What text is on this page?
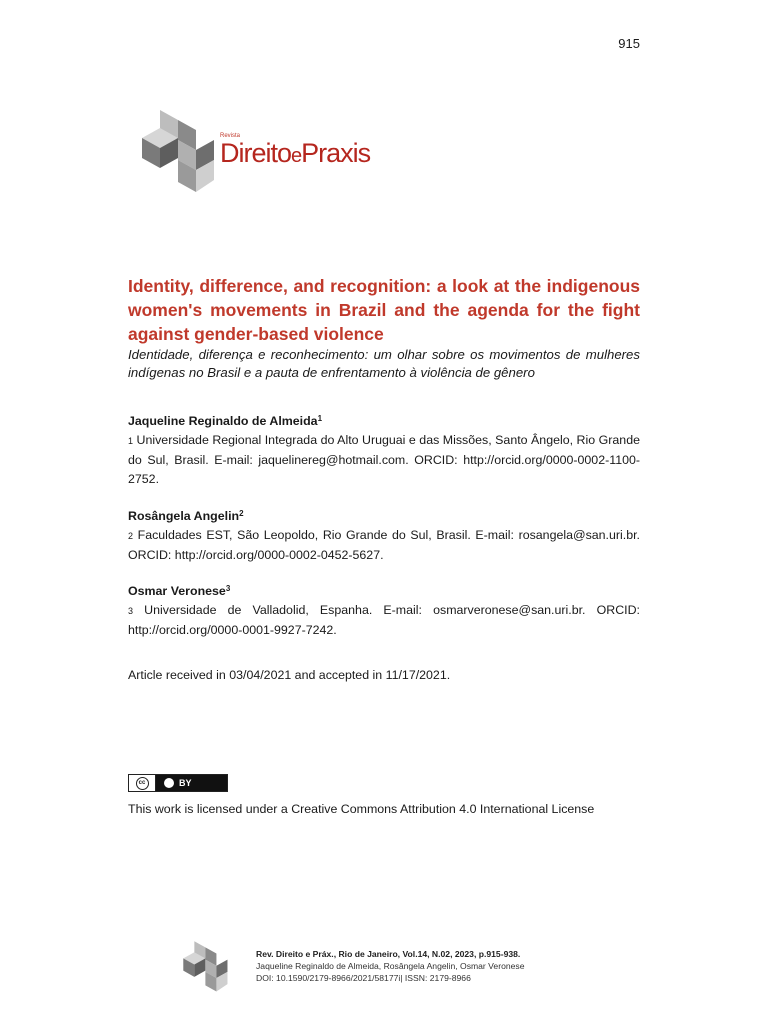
915
Revista
DireitoePraxis
Identity, difference, and recognition: a look at the indigenous women's movements in Brazil and the agenda for the fight against gender-based violence

Identidade, diferença e reconhecimento: um olhar sobre os movimentos de mulheres indígenas no Brasil e a pauta de enfrentamento à violência de gênero

Jaqueline Reginaldo de Almeida$^1$

1 Universidade Regional Integrada do Alto Uruguai e das Missões, Santo Ângelo, Rio Grande do Sul, Brasil. E-mail: jaquelinereg@hotmail.com. ORCID: http://orcid.org/0000-0002-1100-2752.

Rosângela Angelin$^2$

2 Faculdades EST, São Leopoldo, Rio Grande do Sul, Brasil. E-mail: rosangela@san.uri.br. ORCID: http://orcid.org/0000-0002-0452-5627.

Osmar Veronese$^3$

3 Universidade de Valladolid, Espanha. E-mail: osmarveronese@san.uri.br. ORCID: http://orcid.org/0000-0001-9927-7242.

Article received in 03/04/2021 and accepted in 11/17/2021.
cc	BY
This work is licensed under a Creative Commons Attribution 4.0 International License
Rev. Direito e Práx., Rio de Janeiro, Vol.14, N.02, 2023, p.915-938.
Jaqueline Reginaldo de Almeida, Rosângela Angelin, Osmar Veronese
DOI: 10.1590/2179-8966/2021/58177i| ISSN: 2179-8966
